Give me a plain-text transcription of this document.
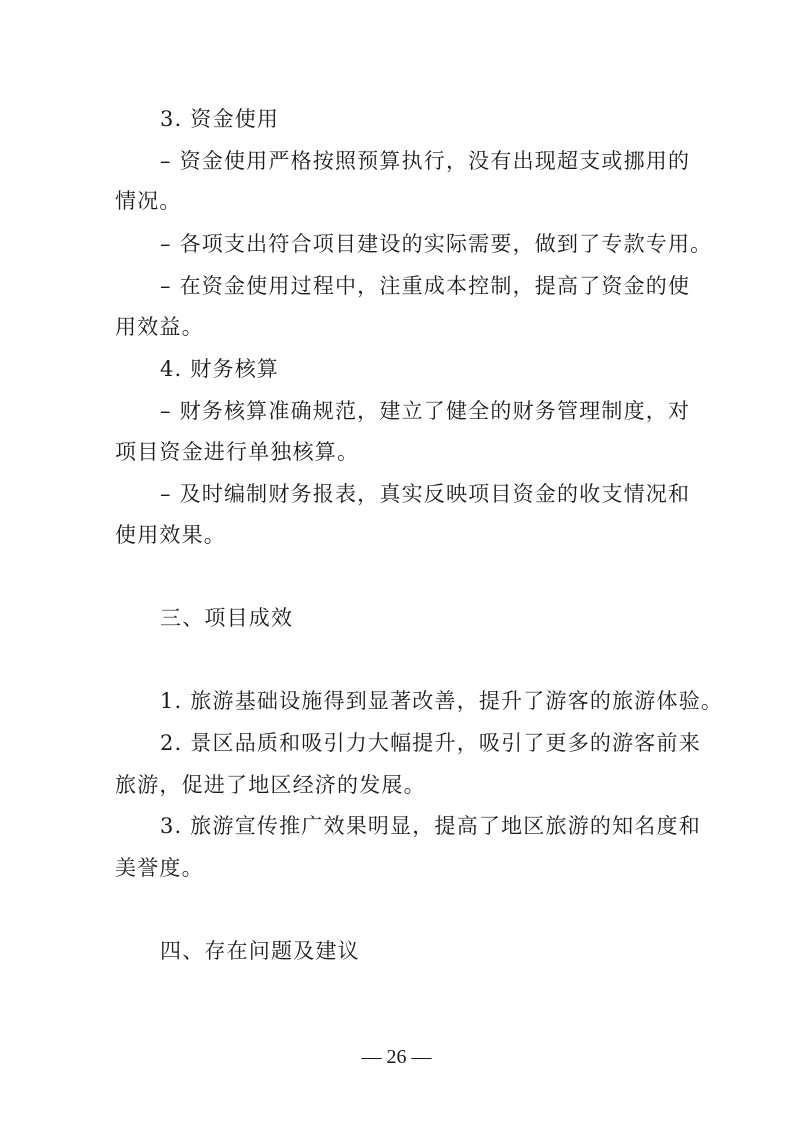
3. 资金使用
– 资金使用严格按照预算执行，没有出现超支或挪用的
情况。
– 各项支出符合项目建设的实际需要，做到了专款专用。
– 在资金使用过程中，注重成本控制，提高了资金的使
用效益。
4. 财务核算
– 财务核算准确规范，建立了健全的财务管理制度，对
项目资金进行单独核算。
– 及时编制财务报表，真实反映项目资金的收支情况和
使用效果。
三、项目成效
1. 旅游基础设施得到显著改善，提升了游客的旅游体验。
2. 景区品质和吸引力大幅提升，吸引了更多的游客前来
旅游，促进了地区经济的发展。
3. 旅游宣传推广效果明显，提高了地区旅游的知名度和
美誉度。
四、存在问题及建议
— 26 —
